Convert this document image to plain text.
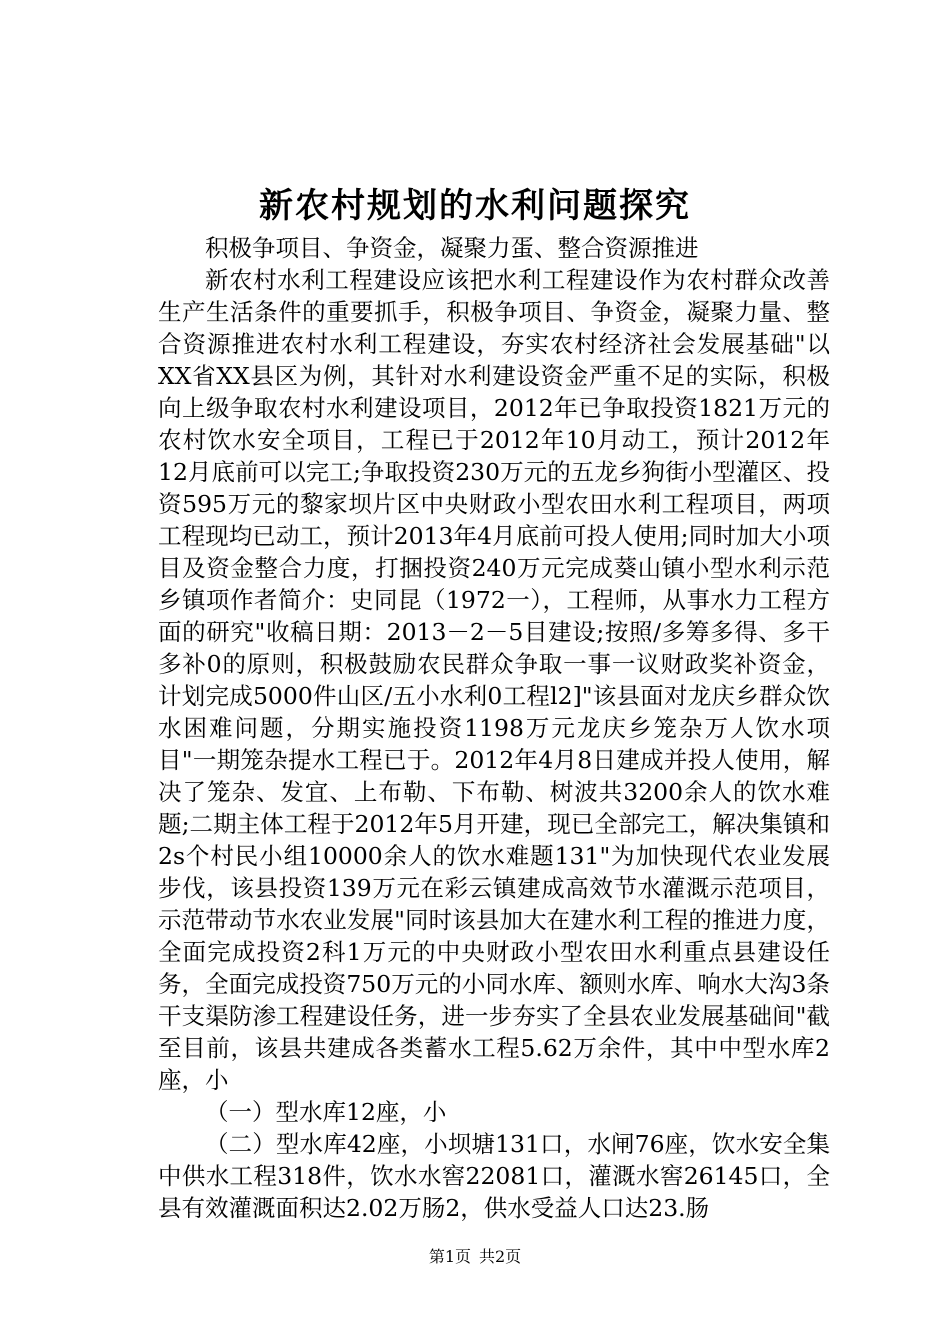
新农村规划的水利问题探究

积极争项目、争资金，凝聚力蛋、整合资源推进

新农村水利工程建设应该把水利工程建设作为农村群众改善生产生活条件的重要抓手，积极争项目、争资金，凝聚力量、整合资源推进农村水利工程建设，夯实农村经济社会发展基础"以XX省XX县区为例，其针对水利建设资金严重不足的实际，积极向上级争取农村水利建设项目，2012年已争取投资1821万元的农村饮水安全项目，工程已于2012年10月动工，预计2012年12月底前可以完工;争取投资230万元的五龙乡狗街小型灌区、投资595万元的黎家坝片区中央财政小型农田水利工程项目，两项工程现均已动工，预计2013年4月底前可投人使用;同时加大小项目及资金整合力度，打捆投资240万元完成葵山镇小型水利示范乡镇项作者简介：史同昆（1972一），工程师，从事水力工程方面的研究"收稿日期：2013－2－5目建设;按照/多筹多得、多干多补0的原则，积极鼓励农民群众争取一事一议财政奖补资金，计划完成5000件山区/五小水利0工程l2]"该县面对龙庆乡群众饮水困难问题，分期实施投资1198万元龙庆乡笼杂万人饮水项目"一期笼杂提水工程已于。2012年4月8日建成并投人使用，解决了笼杂、发宜、上布勒、下布勒、树波共3200余人的饮水难题;二期主体工程于2012年5月开建，现已全部完工，解决集镇和2s个村民小组10000余人的饮水难题131"为加快现代农业发展步伐，该县投资139万元在彩云镇建成高效节水灌溉示范项目，示范带动节水农业发展"同时该县加大在建水利工程的推进力度，全面完成投资2科1万元的中央财政小型农田水利重点县建设任务，全面完成投资750万元的小同水库、额则水库、响水大沟3条干支渠防渗工程建设任务，进一步夯实了全县农业发展基础间"截至目前，该县共建成各类蓄水工程5.62万余件，其中中型水库2座，小

（一）型水库12座，小

（二）型水库42座，小坝塘131口，水闸76座，饮水安全集中供水工程318件，饮水水窖22081口，灌溉水窖26145口，全县有效灌溉面积达2.02万肠2，供水受益人口达23.肠

第1页 共2页
